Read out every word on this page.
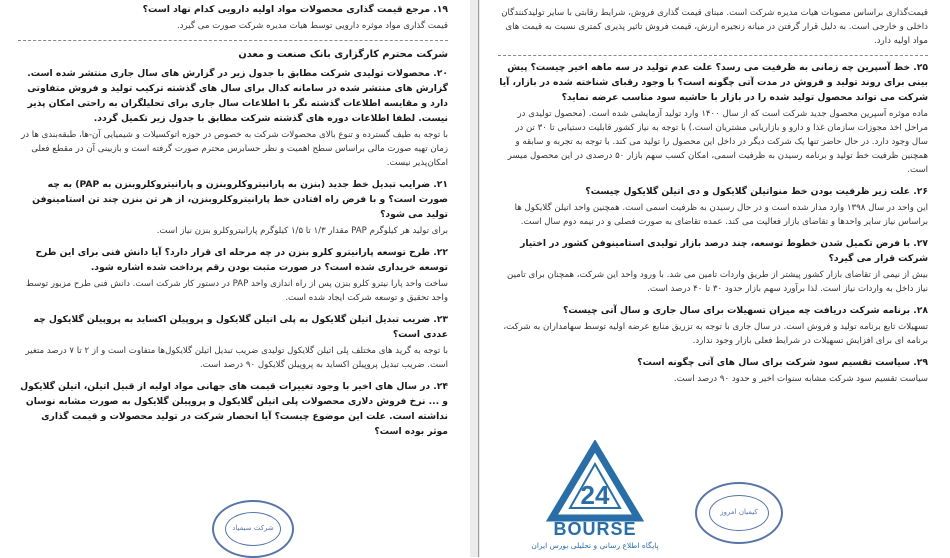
قیمت‌گذاری براساس مصوبات هیات مدیره شرکت است. مبنای قیمت گذاری فروش، شرایط رقابتی با سایر تولیدکنندگان داخلی و خارجی است. به دلیل قرار گرفتن در میانه زنجیره ارزش، قیمت فروش تاثیر پذیری کمتری نسبت به قیمت های مواد اولیه دارد.

۲۵. خط آسپرین چه زمانی به ظرفیت می رسد؟ علت عدم تولید در سه ماهه اخیر چیست؟ پیش بینی برای روند تولید و فروش در مدت آتی چگونه است؟ با وجود رقبای شناخته شده در بازار، آیا شرکت می تواند محصول تولید شده را در بازار با حاشیه سود مناسب عرضه نماید؟

ماده موثره آسپرین محصول جدید شرکت است که از سال ۱۴۰۰ وارد تولید آزمایشی شده است. (محصول تولیدی در مراحل اخذ مجوزات سازمان غذا و دارو و بازاریابی مشتریان است.) با توجه به نیاز کشور قابلیت دستیابی تا ۳۰ تن در سال وجود دارد. در حال حاضر تنها یک شرکت دیگر در داخل این محصول را تولید می کند. با توجه به تجربه و سابقه و همچنین ظرفیت خط تولید و برنامه رسیدن به ظرفیت اسمی، امکان کسب سهم بازار ۵۰ درصدی در این محصول میسر است.

۲۶. علت زیر ظرفیت بودن خط منواتیلن گلایکول و دی اتیلن گلایکول چیست؟

این واحد در سال ۱۳۹۸ وارد مدار شده است و در حال رسیدن به ظرفیت اسمی است. همچنین واحد اتیلن گلایکول ها براساس نیاز سایر واحدها و تقاضای بازار فعالیت می کند. عمده تقاضای به صورت فصلی و در نیمه دوم سال است.

۲۷. با فرض تکمیل شدن خطوط توسعه، چند درصد بازار تولیدی استامینوفن کشور در اختیار شرکت قرار می گیرد؟

بیش از نیمی از تقاضای بازار کشور پیشتر از طریق واردات تامین می شد. با ورود واحد این شرکت، همچنان برای تامین نیاز داخل به واردات نیاز است. لذا برآورد سهم بازار حدود ۳۰ تا ۴۰ درصد است.

۲۸. برنامه شرکت دریافت چه میزان تسهیلات برای سال جاری و سال آتی چیست؟

تسهیلات تابع برنامه تولید و فروش است. در سال جاری با توجه به تزریق منابع عرضه اولیه توسط سهامداران به شرکت، برنامه ای برای افزایش تسهیلات در شرایط فعلی بازار وجود ندارد.

۲۹. سیاست تقسیم سود شرکت برای سال های آتی چگونه است؟

سیاست تقسیم سود شرکت مشابه سنوات اخیر و حدود ۹۰ درصد است.

۱۹. مرجع قیمت گذاری محصولات مواد اولیه دارویی کدام نهاد است؟

قیمت گذاری مواد موثره دارویی توسط هیات مدیره شرکت صورت می گیرد.

شرکت محترم کارگزاری بانک صنعت و معدن

۲۰. محصولات تولیدی شرکت مطابق با جدول زیر در گزارش های سال جاری منتشر شده است. گزارش های منتشر شده در سامانه کدال برای سال های گذشته ترکیب تولید و فروش متفاوتی دارد و مقایسه اطلاعات گذشته نگر با اطلاعات سال جاری برای تحلیلگران به راحتی امکان پذیر نیست. لطفا اطلاعات دوره های گذشته شرکت مطابق با جدول زیر تکمیل گردد.

با توجه به طیف گسترده و تنوع بالای محصولات شرکت به خصوص در حوزه اتوکسیلات و شیمیایی آن-ها، طبقه‌بندی ها در زمان تهیه صورت مالی براساس سطح اهمیت و نظر حسابرس محترم صورت گرفته است و بازبینی آن در مقطع فعلی امکان‌پذیر نیست.

۲۱. ضرایب تبدیل خط جدید (بنزن به پارانیتروکلروبنزن و پارانیتروکلروبنزن به PAP) به چه صورت است؟ و با فرض راه افتادن خط پارانیتروکلروبنزن، از هر تن بنزن چند تن استامینوفن تولید می شود؟

برای تولید هر کیلوگرم PAP مقدار ۱/۳ تا ۱/۵ کیلوگرم پارانیتروکلرو بنزن نیاز است.

۲۲. طرح توسعه پارانیترو کلرو بنزن در چه مرحله ای قرار دارد؟ آیا دانش فنی برای این طرح توسعه خریداری شده است؟ در صورت مثبت بودن رقم پرداخت شده اشاره شود.

ساخت واحد پارا نیترو کلرو بنزن پس از راه اندازی واحد PAP در دستور کار شرکت است. دانش فنی طرح مزبور توسط واحد تحقیق و توسعه شرکت ایجاد شده است.

۲۳. ضریب تبدیل اتیلن گلایکول به پلی اتیلن گلایکول و پروپیلن اکساید به پروپیلن گلایکول چه عددی است؟

با توجه به گرید های مختلف پلی اتیلن گلایکول تولیدی ضریب تبدیل اتیلن گلایکول‌ها متفاوت است و از ۲ تا ۷ درصد متغیر است. ضریب تبدیل پروپیلن اکساید به پروپیلن گلایکول ۹۰ درصد است.

۲۴. در سال های اخیر با وجود تغییرات قیمت های جهانی مواد اولیه از قبیل اتیلن، اتیلن گلایکول و ... نرخ فروش دلاری محصولات پلی اتیلن گلایکول و پروپیلن گلایکول به صورت مشابه نوسان نداشته است. علت این موضوع چیست؟ آیا انحصار شرکت در تولید محصولات و قیمت گذاری موثر بوده است؟

شرکت سیمیاد
کیمیان امروز
24
BOURSE
پایگاه اطلاع رسانی و تحلیلی بورس ایران
